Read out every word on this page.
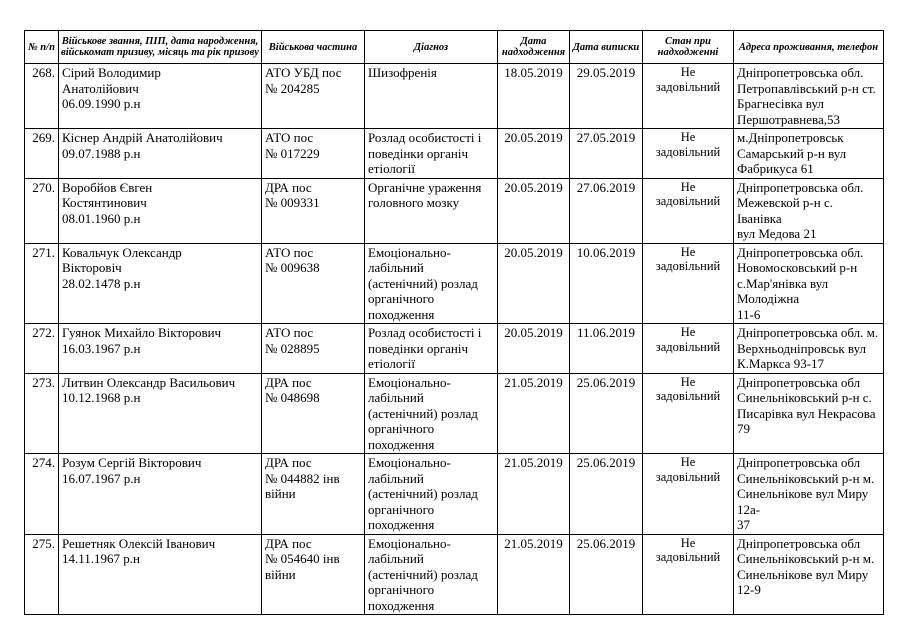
№ п/п	Військове звання, ПІП, дата народження, військомат призиву, місяць та рік призову	Військова частина	Діагноз	Дата надходження	Дата виписки	Стан при надходженні	Адреса проживання, телефон
268.	Сірий Володимир
Анатолійович
06.09.1990 р.н	АТО УБД пос
№ 204285	Шизофренія	18.05.2019	29.05.2019	Не
задовільний	Дніпропетровська обл.
Петропавлівський р-н ст.
Брагнесівка вул
Першотравнева,53

269.	Кіснер Андрій Анатолійович
09.07.1988 р.н	АТО пос
№ 017229	Розлад особистості і
поведінки органіч
етіології	20.05.2019	27.05.2019	Не
задовільний	м.Дніпропетровськ
Самарський р-н вул
Фабрикуса 61

270.	Воробйов Євген
Костянтинович
08.01.1960 р.н	ДРА пос
№ 009331	Органічне ураження
головного мозку	20.05.2019	27.06.2019	Не
задовільний	Дніпропетровська обл.
Межевской р-н с. Іванівка
вул Медова 21

271.	Ковальчук Олександр
Вікторовіч
28.02.1478 р.н	АТО пос
№ 009638	Емоціонально-
лабільний
(астенічний) розлад
органічного
походження	20.05.2019	10.06.2019	Не
задовільний	Дніпропетровська обл.
Новомосковський р-н
с.Мар'янівка вул Молодіжна
11-6

272.	Гуянок Михайло Вікторович
16.03.1967 р.н	АТО пос
№ 028895	Розлад особистості і
поведінки органіч
етіології	20.05.2019	11.06.2019	Не
задовільний	Дніпропетровська обл. м.
Верхньодніпровськ вул
К.Маркса 93-17

273.	Литвин Олександр Васильович
10.12.1968 р.н	ДРА пос
№ 048698	Емоціонально-
лабільний
(астенічний) розлад
органічного
походження	21.05.2019	25.06.2019	Не
задовільний	Дніпропетровська обл
Синельніковський р-н с.
Писарівка вул Некрасова 79

274.	Розум Сергій Вікторович
16.07.1967 р.н	ДРА пос
№ 044882 інв
війни	Емоціонально-
лабільний
(астенічний) розлад
органічного
походження	21.05.2019	25.06.2019	Не
задовільний	Дніпропетровська обл
Синельніковський р-н м.
Синельнікове вул Миру 12а-
37

275.	Решетняк Олексій Іванович
14.11.1967 р.н	ДРА пос
№ 054640 інв
війни	Емоціонально-
лабільний
(астенічний) розлад
органічного
походження	21.05.2019	25.06.2019	Не
задовільний	Дніпропетровська обл
Синельніковський р-н м.
Синельнікове вул Миру 12-9
